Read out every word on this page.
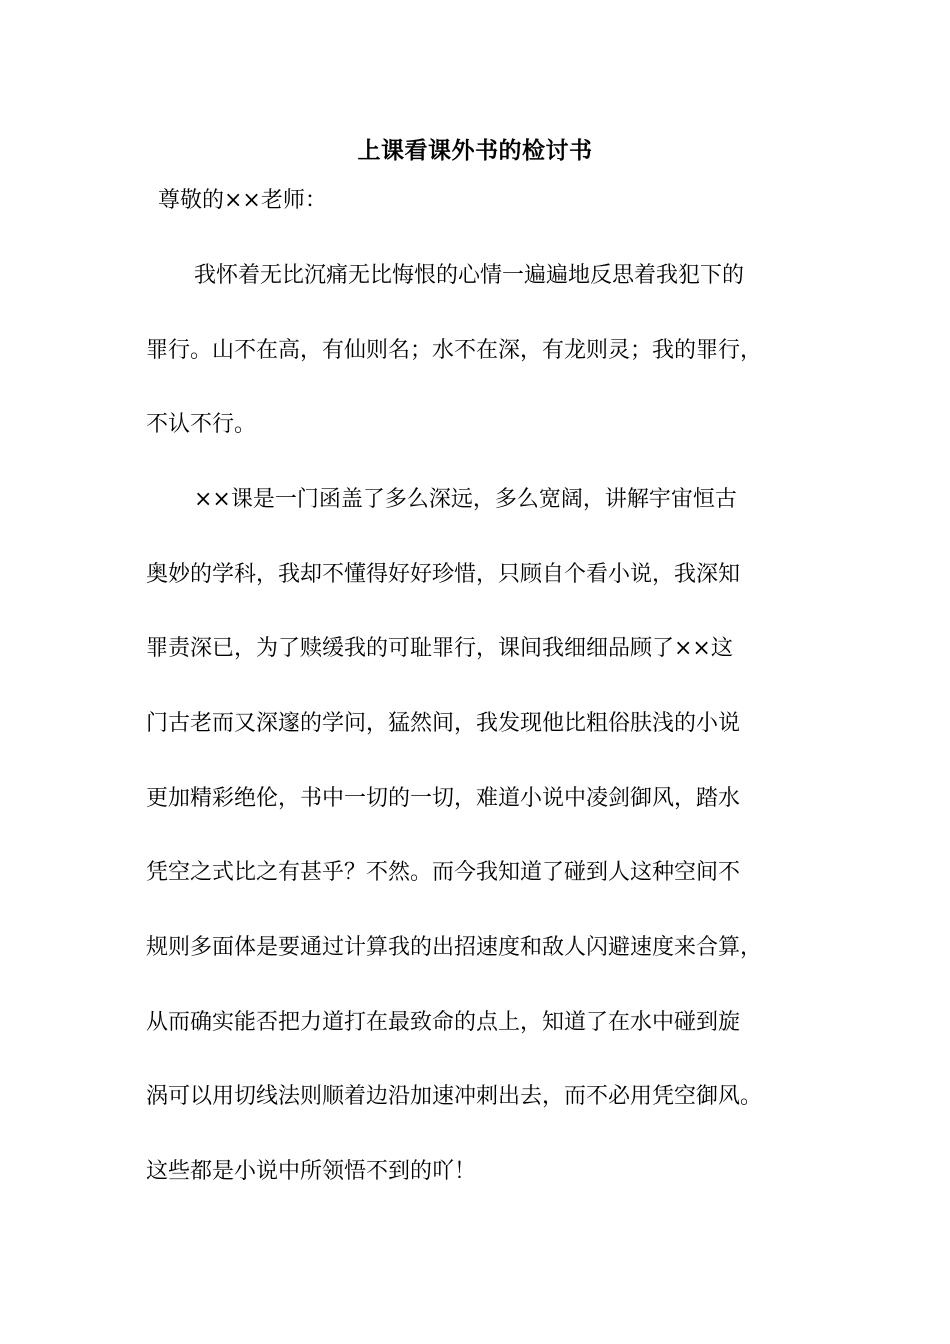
上课看课外书的检讨书
尊敬的××老师：
我怀着无比沉痛无比悔恨的心情一遍遍地反思着我犯下的
罪行。山不在高，有仙则名；水不在深，有龙则灵；我的罪行，
不认不行。
××课是一门函盖了多么深远，多么宽阔，讲解宇宙恒古
奥妙的学科，我却不懂得好好珍惜，只顾自个看小说，我深知
罪责深已，为了赎缓我的可耻罪行，课间我细细品顾了××这
门古老而又深邃的学问，猛然间，我发现他比粗俗肤浅的小说
更加精彩绝伦，书中一切的一切，难道小说中凌剑御风，踏水
凭空之式比之有甚乎？不然。而今我知道了碰到人这种空间不
规则多面体是要通过计算我的出招速度和敌人闪避速度来合算，
从而确实能否把力道打在最致命的点上，知道了在水中碰到旋
涡可以用切线法则顺着边沿加速冲刺出去，而不必用凭空御风。
这些都是小说中所领悟不到的吖！
